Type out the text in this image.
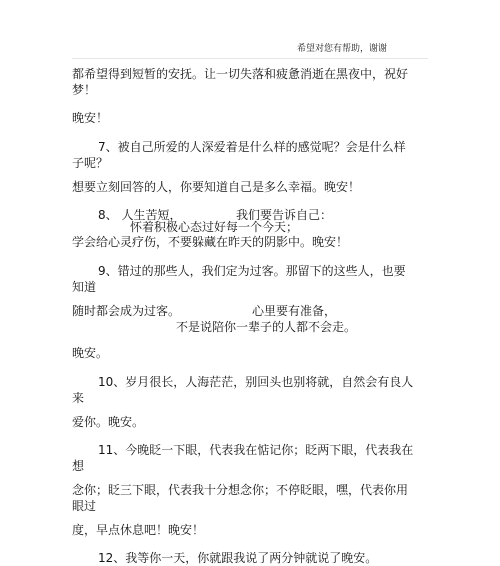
希望对您有帮助，谢谢
都希望得到短暂的安抚。让一切失落和疲惫消逝在黑夜中，祝好
梦！
晚安！
7、被自己所爱的人深爱着是什么样的感觉呢？会是什么样
子呢？
想要立刻回答的人，你要知道自己是多么幸福。晚安！
8、 人生苦短，	我们要告诉自己：
怀着积极心态过好每一个今天；
学会给心灵疗伤，不要躲藏在昨天的阴影中。晚安！
9、错过的那些人，我们定为过客。那留下的这些人，也要
知道
随时都会成为过客。	心里要有准备，
不是说陪你一辈子的人都不会走。
晚安。
10、岁月很长，人海茫茫，别回头也别将就，自然会有良人
来
爱你。晚安。
11、今晚眨一下眼，代表我在惦记你；眨两下眼，代表我在
想
念你；眨三下眼，代表我十分想念你；不停眨眼，嘿，代表你用
眼过
度，早点休息吧！晚安！
12、我等你一天，你就跟我说了两分钟就说了晚安。
